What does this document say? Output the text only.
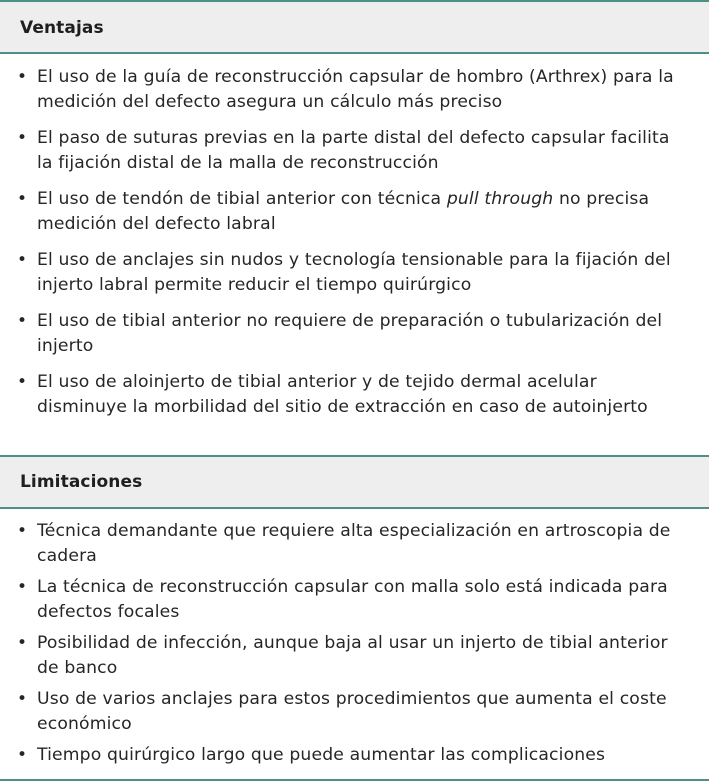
Ventajas
• El uso de la guía de reconstrucción capsular de hombro (Arthrex) para la medición del defecto asegura un cálculo más preciso
• El paso de suturas previas en la parte distal del defecto capsular facilita la fijación distal de la malla de reconstrucción
• El uso de tendón de tibial anterior con técnica pull through no precisa medición del defecto labral
• El uso de anclajes sin nudos y tecnología tensionable para la fijación del injerto labral permite reducir el tiempo quirúrgico
• El uso de tibial anterior no requiere de preparación o tubularización del injerto
• El uso de aloinjerto de tibial anterior y de tejido dermal acelular disminuye la morbilidad del sitio de extracción en caso de autoinjerto
Limitaciones
• Técnica demandante que requiere alta especialización en artroscopia de cadera
• La técnica de reconstrucción capsular con malla solo está indicada para defectos focales
• Posibilidad de infección, aunque baja al usar un injerto de tibial anterior de banco
• Uso de varios anclajes para estos procedimientos que aumenta el coste económico
• Tiempo quirúrgico largo que puede aumentar las complicaciones
